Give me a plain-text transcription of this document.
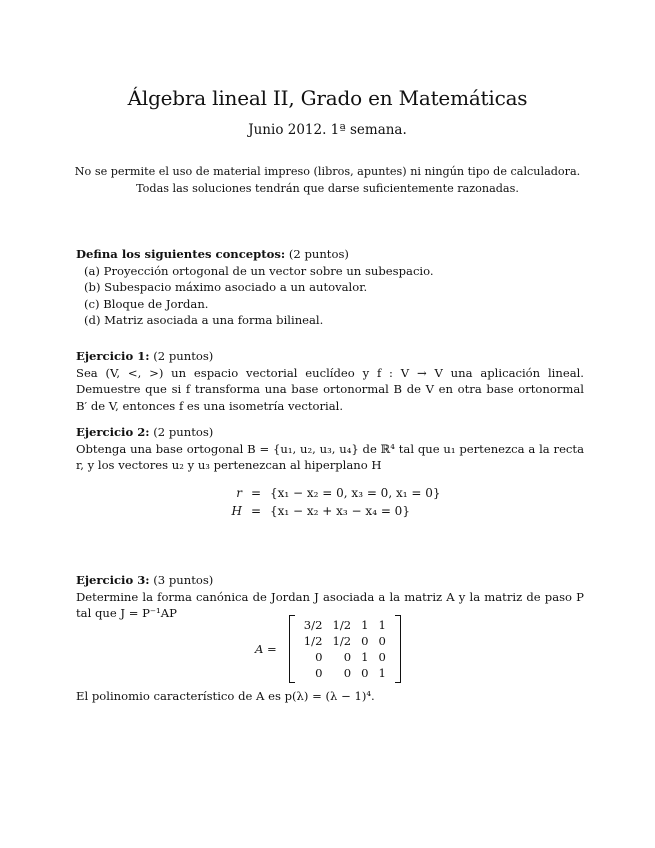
Álgebra lineal II, Grado en Matemáticas
Junio 2012. 1ª semana.
No se permite el uso de material impreso (libros, apuntes) ni ningún tipo de calculadora.
Todas las soluciones tendrán que darse suficientemente razonadas.
Defina los siguientes conceptos: (2 puntos)
(a) Proyección ortogonal de un vector sobre un subespacio.
(b) Subespacio máximo asociado a un autovalor.
(c) Bloque de Jordan.
(d) Matriz asociada a una forma bilineal.
Ejercicio 1: (2 puntos)

Sea (V, <, >) un espacio vectorial euclídeo y f : V → V una aplicación lineal. Demuestre que si f transforma una base ortonormal B de V en otra base ortonormal B′ de V, entonces f es una isometría vectorial.

Ejercicio 2: (2 puntos)

Obtenga una base ortogonal B = {u₁, u₂, u₃, u₄} de ℝ⁴ tal que u₁ pertenezca a la recta r, y los vectores u₂ y u₃ pertenezcan al hiperplano H

r = {x₁ − x₂ = 0, x₃ = 0, x₁ = 0}
H = {x₁ − x₂ + x₃ − x₄ = 0}
Ejercicio 3: (3 puntos)

Determine la forma canónica de Jordan J asociada a la matriz A y la matriz de paso P tal que J = P⁻¹AP

A =
3/2	1/2	1	1
1/2	1/2	0	0
0	0	1	0
0	0	0	1

El polinomio característico de A es p(λ) = (λ − 1)⁴.
